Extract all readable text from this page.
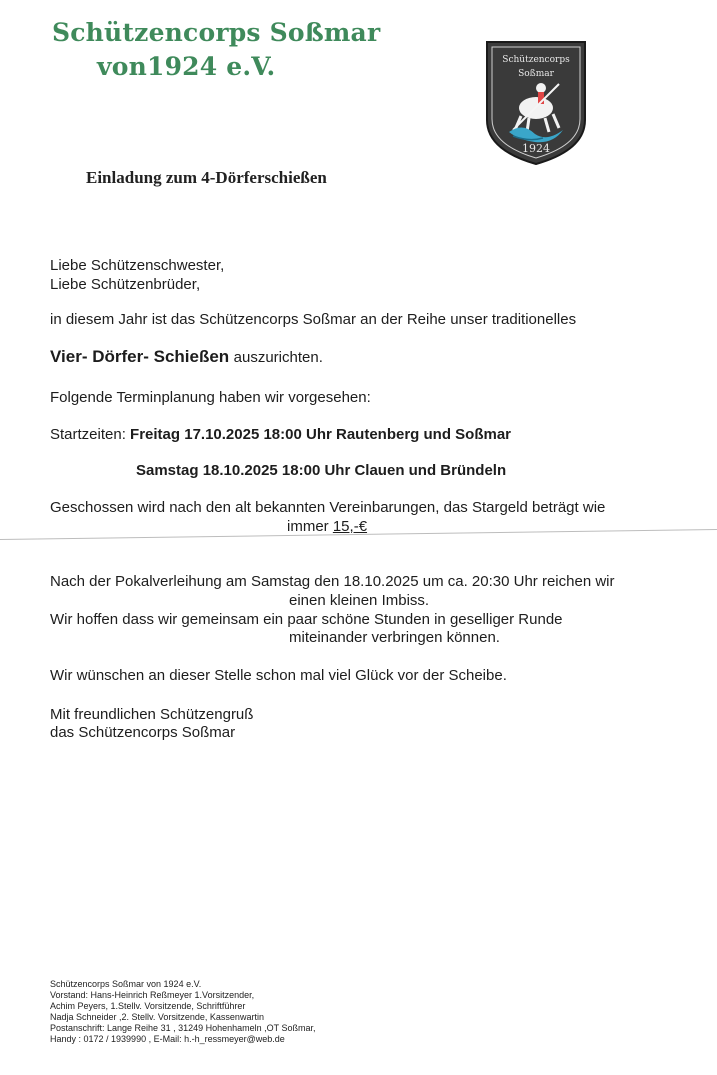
Schützencorps Soßmar
von1924 e.V.	Schützencorps
Soßmar
1924
Einladung zum 4-Dörferschießen
Liebe Schützenschwester,
Liebe Schützenbrüder,
in diesem Jahr ist das Schützencorps Soßmar an der Reihe unser traditionelles
Vier- Dörfer- Schießen auszurichten.
Folgende Terminplanung haben wir vorgesehen:
Startzeiten: Freitag 17.10.2025 18:00 Uhr Rautenberg und Soßmar
Samstag 18.10.2025 18:00 Uhr Clauen und Bründeln
Geschossen wird nach den alt bekannten Vereinbarungen, das Stargeld beträgt wie
immer 15,-€
Nach der Pokalverleihung am Samstag den 18.10.2025 um ca. 20:30 Uhr reichen wir
einen kleinen Imbiss.
Wir hoffen dass wir gemeinsam ein paar schöne Stunden in geselliger Runde
miteinander verbringen können.
Wir wünschen an dieser Stelle schon mal viel Glück vor der Scheibe.
Mit freundlichen Schützengruß
das Schützencorps Soßmar
Schützencorps Soßmar von 1924 e.V.
Vorstand: Hans-Heinrich Reßmeyer 1.Vorsitzender,
Achim Peyers, 1.Stellv. Vorsitzende, Schriftführer
Nadja Schneider ,2. Stellv. Vorsitzende, Kassenwartin
Postanschrift: Lange Reihe 31 , 31249 Hohenhameln ,OT Soßmar,
Handy : 0172 / 1939990 , E-Mail: h.-h_ressmeyer@web.de
